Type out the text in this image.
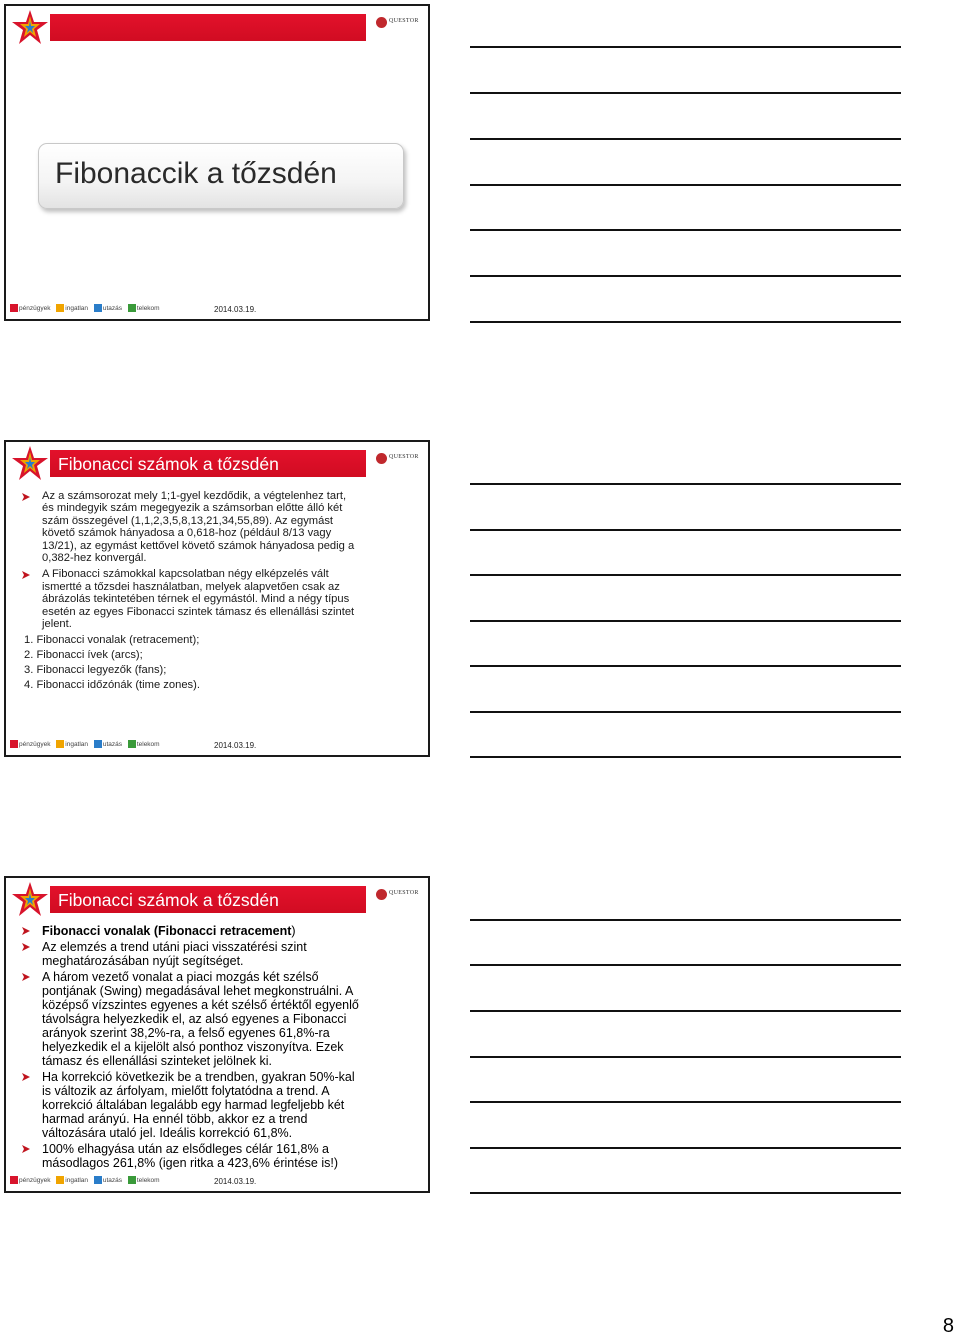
QUESTOR
Fibonaccik a tőzsdén
pénzügyek ingatlan utazás telekom	2014.03.19.
Fibonacci számok a tőzsdén	QUESTOR
Az a számsorozat mely 1;1-gyel kezdődik, a végtelenhez tart,
és mindegyik szám megegyezik a számsorban előtte álló két
szám összegével (1,1,2,3,5,8,13,21,34,55,89). Az egymást
követő számok hányadosa a 0,618-hoz (például 8/13 vagy
13/21), az egymást kettővel követő számok hányadosa pedig a
0,382-hez konvergál.
A Fibonacci számokkal kapcsolatban négy elképzelés vált
ismertté a tőzsdei használatban, melyek alapvetően csak az
ábrázolás tekintetében térnek el egymástól. Mind a négy típus
esetén az egyes Fibonacci szintek támasz és ellenállási szintet
jelent.
1. Fibonacci vonalak (retracement);
2. Fibonacci ívek (arcs);
3. Fibonacci legyezők (fans);
4. Fibonacci időzónák (time zones).
pénzügyek ingatlan utazás telekom	2014.03.19.
Fibonacci számok a tőzsdén	QUESTOR
Fibonacci vonalak (Fibonacci retracement)
Az elemzés a trend utáni piaci visszatérési szint
meghatározásában nyújt segítséget.
A három vezető vonalat a piaci mozgás két szélső
pontjának (Swing) megadásával lehet megkonstruálni. A
középső vízszintes egyenes a két szélső értéktől egyenlő
távolságra helyezkedik el, az alsó egyenes a Fibonacci
arányok szerint 38,2%-ra, a felső egyenes 61,8%-ra
helyezkedik el a kijelölt alsó ponthoz viszonyítva. Ezek
támasz és ellenállási szinteket jelölnek ki.
Ha korrekció következik be a trendben, gyakran 50%-kal
is változik az árfolyam, mielőtt folytatódna a trend. A
korrekció általában legalább egy harmad legfeljebb két
harmad arányú. Ha ennél több, akkor ez a trend
változására utaló jel. Ideális korrekció 61,8%.
100% elhagyása után az elsődleges célár 161,8% a
másodlagos 261,8% (igen ritka a 423,6% érintése is!)
pénzügyek ingatlan utazás telekom	2014.03.19.
8
